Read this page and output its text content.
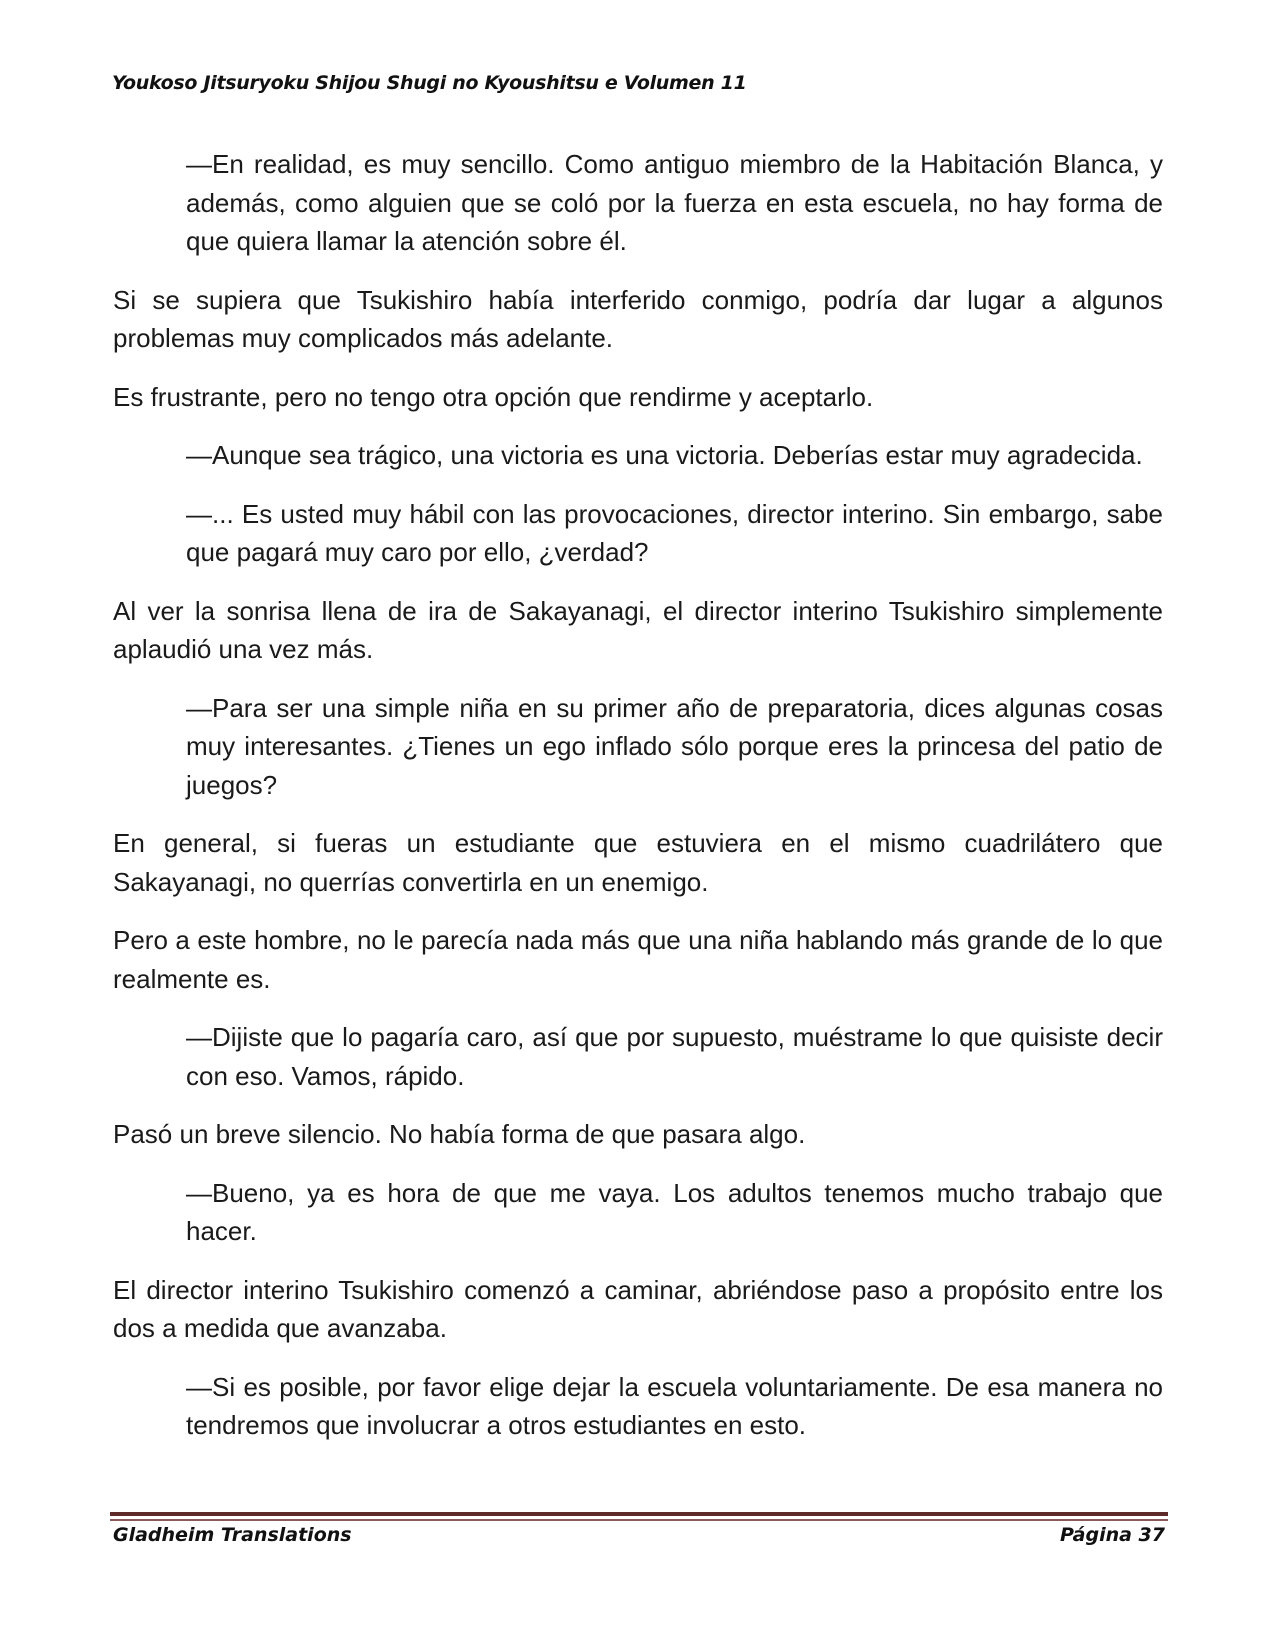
Youkoso Jitsuryoku Shijou Shugi no Kyoushitsu e Volumen 11

—En realidad, es muy sencillo. Como antiguo miembro de la Habitación Blanca, y además, como alguien que se coló por la fuerza en esta escuela, no hay forma de que quiera llamar la atención sobre él.

Si se supiera que Tsukishiro había interferido conmigo, podría dar lugar a algunos problemas muy complicados más adelante.

Es frustrante, pero no tengo otra opción que rendirme y aceptarlo.

—Aunque sea trágico, una victoria es una victoria. Deberías estar muy agradecida.

—... Es usted muy hábil con las provocaciones, director interino. Sin embargo, sabe que pagará muy caro por ello, ¿verdad?

Al ver la sonrisa llena de ira de Sakayanagi, el director interino Tsukishiro simplemente aplaudió una vez más.

—Para ser una simple niña en su primer año de preparatoria, dices algunas cosas muy interesantes. ¿Tienes un ego inflado sólo porque eres la princesa del patio de juegos?

En general, si fueras un estudiante que estuviera en el mismo cuadrilátero que Sakayanagi, no querrías convertirla en un enemigo.

Pero a este hombre, no le parecía nada más que una niña hablando más grande de lo que realmente es.

—Dijiste que lo pagaría caro, así que por supuesto, muéstrame lo que quisiste decir con eso. Vamos, rápido.

Pasó un breve silencio. No había forma de que pasara algo.

—Bueno, ya es hora de que me vaya. Los adultos tenemos mucho trabajo que hacer.

El director interino Tsukishiro comenzó a caminar, abriéndose paso a propósito entre los dos a medida que avanzaba.

—Si es posible, por favor elige dejar la escuela voluntariamente. De esa manera no tendremos que involucrar a otros estudiantes en esto.

Gladheim Translations	Página 37
